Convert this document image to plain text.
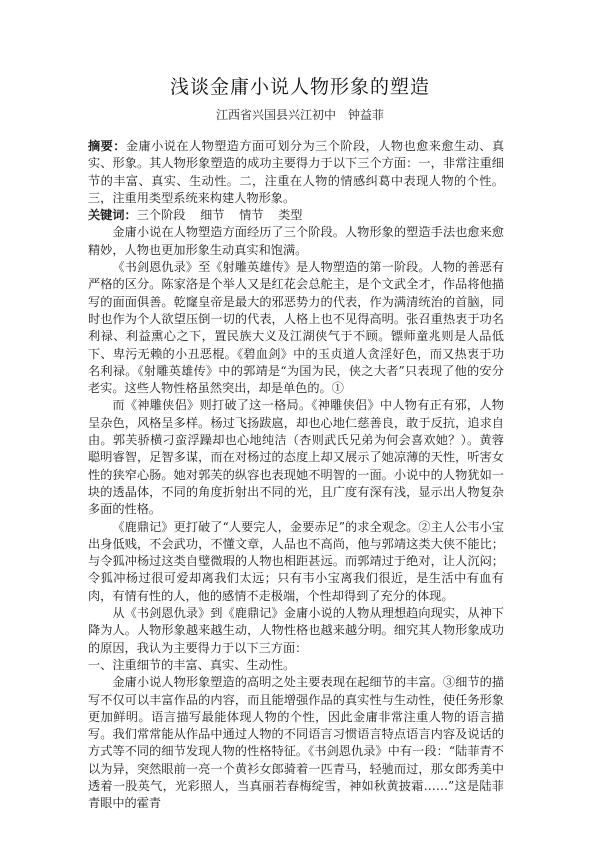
浅谈金庸小说人物形象的塑造
江西省兴国县兴江初中　钟益菲

摘要：金庸小说在人物塑造方面可划分为三个阶段，人物也愈来愈生动、真实、形象。其人物形象塑造的成功主要得力于以下三个方面：一，非常注重细节的丰富、真实、生动性。二，注重在人物的情感纠葛中表现人物的个性。三，注重用类型系统来构建人物形象。

关键词：三个阶段 细节 情节 类型

金庸小说在人物塑造方面经历了三个阶段。人物形象的塑造手法也愈来愈精妙，人物也更加形象生动真实和饱满。

《书剑恩仇录》至《射雕英雄传》是人物塑造的第一阶段。人物的善恶有严格的区分。陈家洛是个举人又是红花会总舵主，是个文武全才，作品将他描写的面面俱善。乾窿皇帝是最大的邪恶势力的代表，作为满清统治的首脑，同时也作为个人欲望压倒一切的代表，人格上也不见得高明。张召重热衷于功名利禄、利益熏心之下，置民族大义及江湖侠气于不顾。镖师童兆则是人品低下、卑污无赖的小丑恶棍。《碧血剑》中的玉贞道人贪淫好色，而又热衷于功名利禄。《射雕英雄传》中的郭靖是“为国为民，侠之大者”只表现了他的安分老实。这些人物性格虽然突出，却是单色的。①

而《神雕侠侣》则打破了这一格局。《神雕侠侣》中人物有正有邪，人物呈杂色，风格呈多样。杨过飞扬跋扈，却也心地仁慈善良，敢于反抗，追求自由。郭芙骄横刁蛮浮躁却也心地纯洁（杏则武氏兄弟为何会喜欢她？）。黄蓉聪明睿智，足智多谋，而在对杨过的态度上却又展示了她凉薄的天性，听害女性的狭窄心肠。她对郭芙的纵容也表现她不明智的一面。小说中的人物犹如一块的透晶体，不同的角度折射出不同的光，且广度有深有浅，显示出人物复杂多面的性格。

《鹿鼎记》更打破了“人要完人，金要赤足”的求全观念。②主人公韦小宝出身低贱，不会武功，不懂文章，人品也不高尚，他与郭靖这类大侠不能比；与令狐冲杨过这类自璧微瑕的人物也相距甚远。而郭靖过于绝对，让人沉闷；令狐冲杨过很可爱却离我们太远；只有韦小宝离我们很近，是生活中有血有肉，有情有性的人，他的感情不走极端，个性却得到了充分的体现。

从《书剑恩仇录》到《鹿鼎记》金庸小说的人物从理想趋向现实，从神下降为人。人物形象越来越生动，人物性格也越来越分明。细究其人物形象成功的原因，我认为主要得力于以下三方面：

一、注重细节的丰富、真实、生动性。

金庸小说人物形象塑造的高明之处主要表现在起细节的丰富。③细节的描写不仅可以丰富作品的内容，而且能增强作品的真实性与生动性，使任务形象更加鲜明。语言描写最能体现人物的个性，因此金庸非常注重人物的语言描写。我们常常能从作品中通过人物的不同语言习惯语言特点语言内容及说话的方式等不同的细节发现人物的性格特征。《书剑恩仇录》中有一段：“陆菲青不以为异，突然眼前一亮一个黄衫女郎骑着一匹青马，轻驰而过，那女郎秀美中透着一股英气，光彩照人，当真丽若春梅绽雪，神如秋黄披霜……”这是陆菲青眼中的霍青
